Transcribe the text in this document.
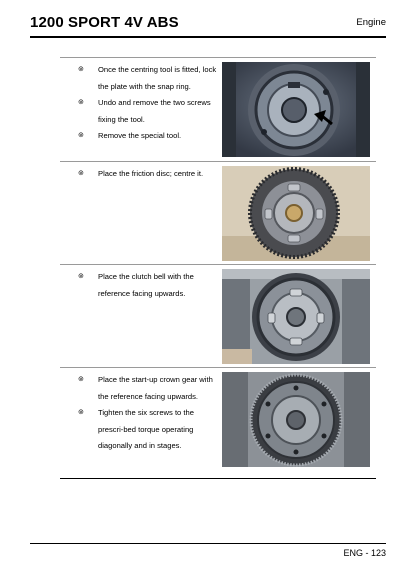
1200 SPORT 4V ABS	Engine
⊚ Once the centring tool is fitted, lock the plate with the snap ring.
⊚ Undo and remove the two screws fixing the tool.
⊚ Remove the special tool.
⊚ Place the friction disc; centre it.
⊚ Place the clutch bell with the reference facing upwards.
⊚ Place the start-up crown gear with the reference facing upwards.
⊚ Tighten the six screws to the prescri-bed torque operating diagonally and in stages.
ENG - 123
